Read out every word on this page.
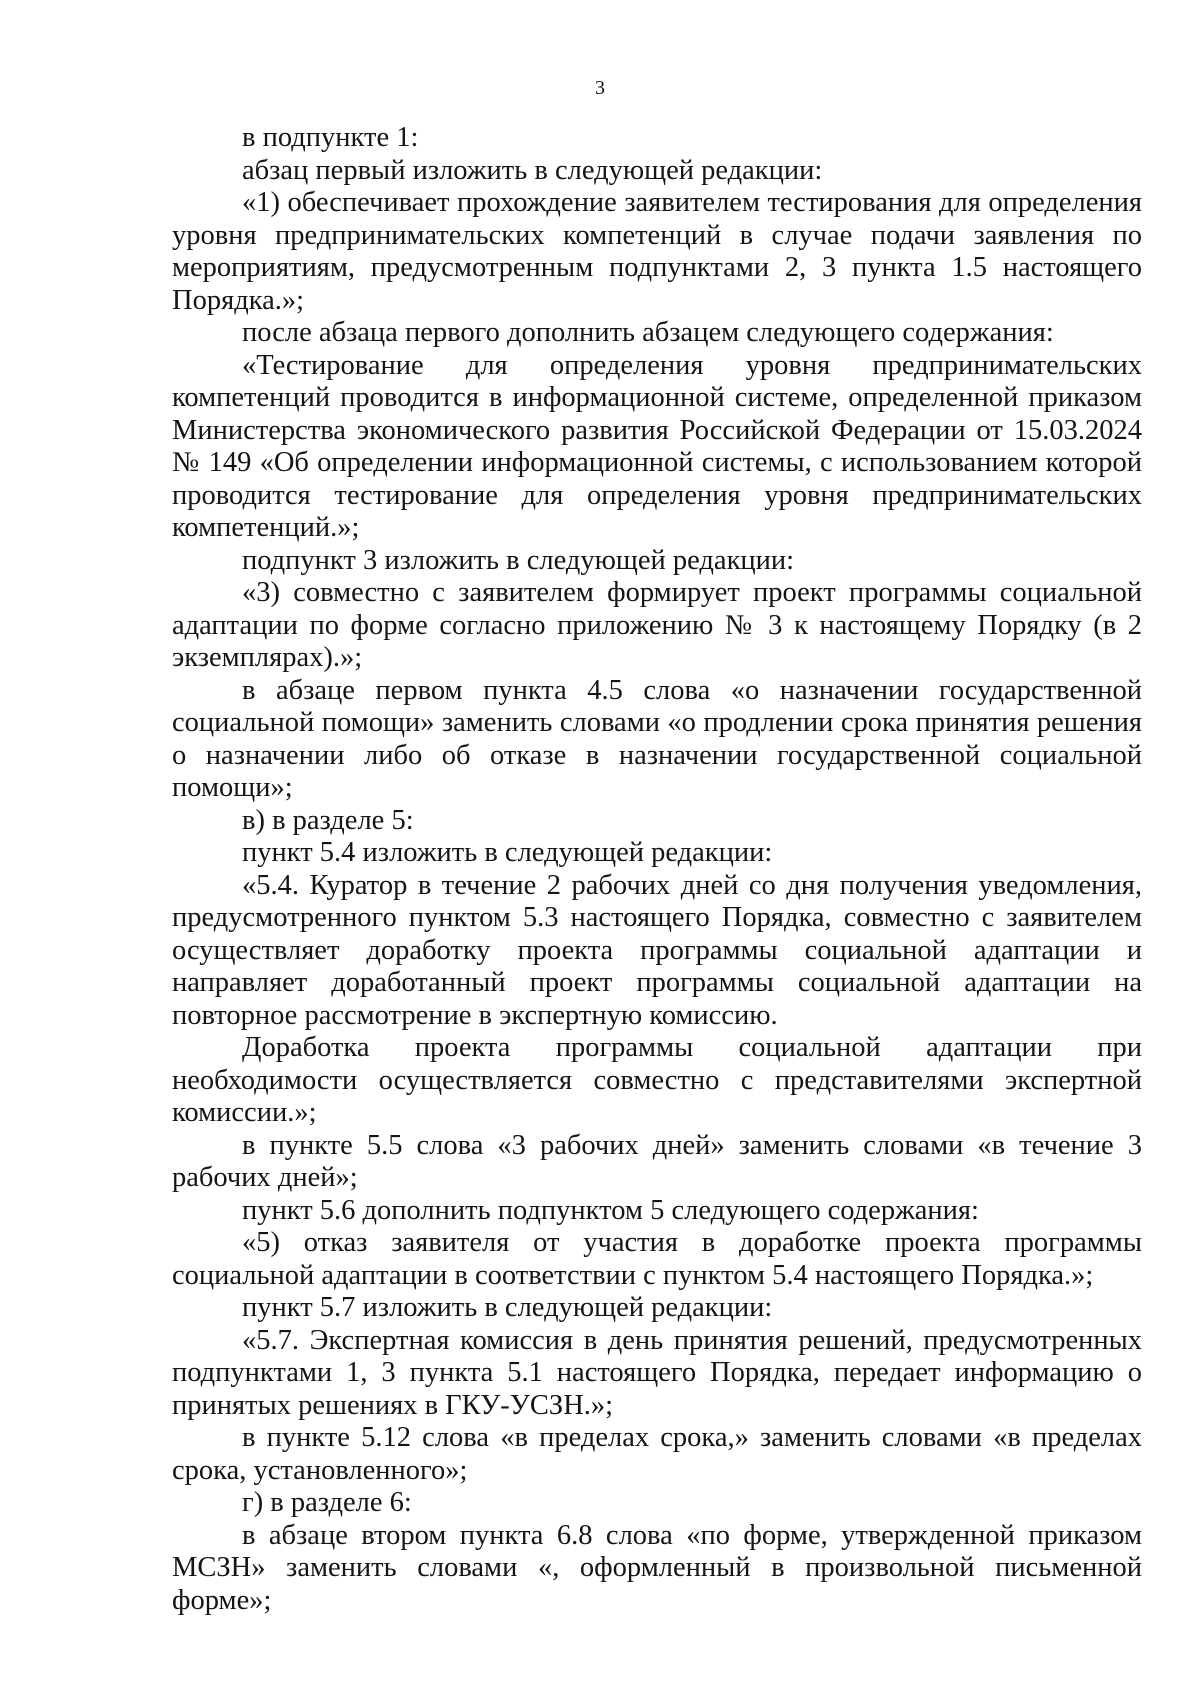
3

в подпункте 1:

абзац первый изложить в следующей редакции:

«1) обеспечивает прохождение заявителем тестирования для определения уровня предпринимательских компетенций в случае подачи заявления по мероприятиям, предусмотренным подпунктами 2, 3 пункта 1.5 настоящего Порядка.»;

после абзаца первого дополнить абзацем следующего содержания:

«Тестирование для определения уровня предпринимательских компетенций проводится в информационной системе, определенной приказом Министерства экономического развития Российской Федерации от 15.03.2024 № 149 «Об определении информационной системы, с использованием которой проводится тестирование для определения уровня предпринимательских компетенций.»;

подпункт 3 изложить в следующей редакции:

«3) совместно с заявителем формирует проект программы социальной адаптации по форме согласно приложению № 3 к настоящему Порядку (в 2 экземплярах).»;

в абзаце первом пункта 4.5 слова «о назначении государственной социальной помощи» заменить словами «о продлении срока принятия решения о назначении либо об отказе в назначении государственной социальной помощи»;

в) в разделе 5:

пункт 5.4 изложить в следующей редакции:

«5.4. Куратор в течение 2 рабочих дней со дня получения уведомления, предусмотренного пунктом 5.3 настоящего Порядка, совместно с заявителем осуществляет доработку проекта программы социальной адаптации и направляет доработанный проект программы социальной адаптации на повторное рассмотрение в экспертную комиссию.

Доработка проекта программы социальной адаптации при необходимости осуществляется совместно с представителями экспертной комиссии.»;

в пункте 5.5 слова «3 рабочих дней» заменить словами «в течение 3 рабочих дней»;

пункт 5.6 дополнить подпунктом 5 следующего содержания:

«5) отказ заявителя от участия в доработке проекта программы социальной адаптации в соответствии с пунктом 5.4 настоящего Порядка.»;

пункт 5.7 изложить в следующей редакции:

«5.7. Экспертная комиссия в день принятия решений, предусмотренных подпунктами 1, 3 пункта 5.1 настоящего Порядка, передает информацию о принятых решениях в ГКУ-УСЗН.»;

в пункте 5.12 слова «в пределах срока,» заменить словами «в пределах срока, установленного»;

г) в разделе 6:

в абзаце втором пункта 6.8 слова «по форме, утвержденной приказом МСЗН» заменить словами «, оформленный в произвольной письменной форме»;
